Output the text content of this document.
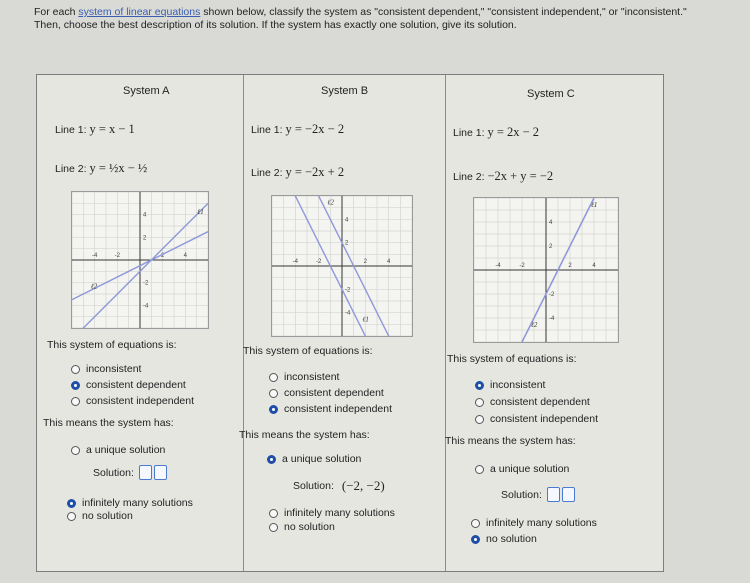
For each system of linear equations shown below, classify the system as "consistent dependent," "consistent independent," or "inconsistent."
Then, choose the best description of its solution. If the system has exactly one solution, give its solution.
System A
Line 1: y = x − 1
Line 2: y = ½x − ½
-4
-4
-2
-2
2
2
4
4	ℓ1
ℓ2
This system of equations is:
inconsistent
consistent dependent
consistent independent
This means the system has:
a unique solution
Solution:
infinitely many solutions
no solution
System B
Line 1: y = −2x − 2
Line 2: y = −2x + 2
-4
-4
-2
-2
2
2
4
4
ℓ1
ℓ2
This system of equations is:
inconsistent
consistent dependent
consistent independent
This means the system has:
a unique solution
Solution: (−2, −2)
infinitely many solutions
no solution
System C
Line 1: y = 2x − 2
Line 2: −2x + y = −2
-4
-4
-2
-2
2
2
4
4
ℓ1
ℓ2
This system of equations is:
inconsistent
consistent dependent
consistent independent
This means the system has:
a unique solution
Solution:
infinitely many solutions
no solution
